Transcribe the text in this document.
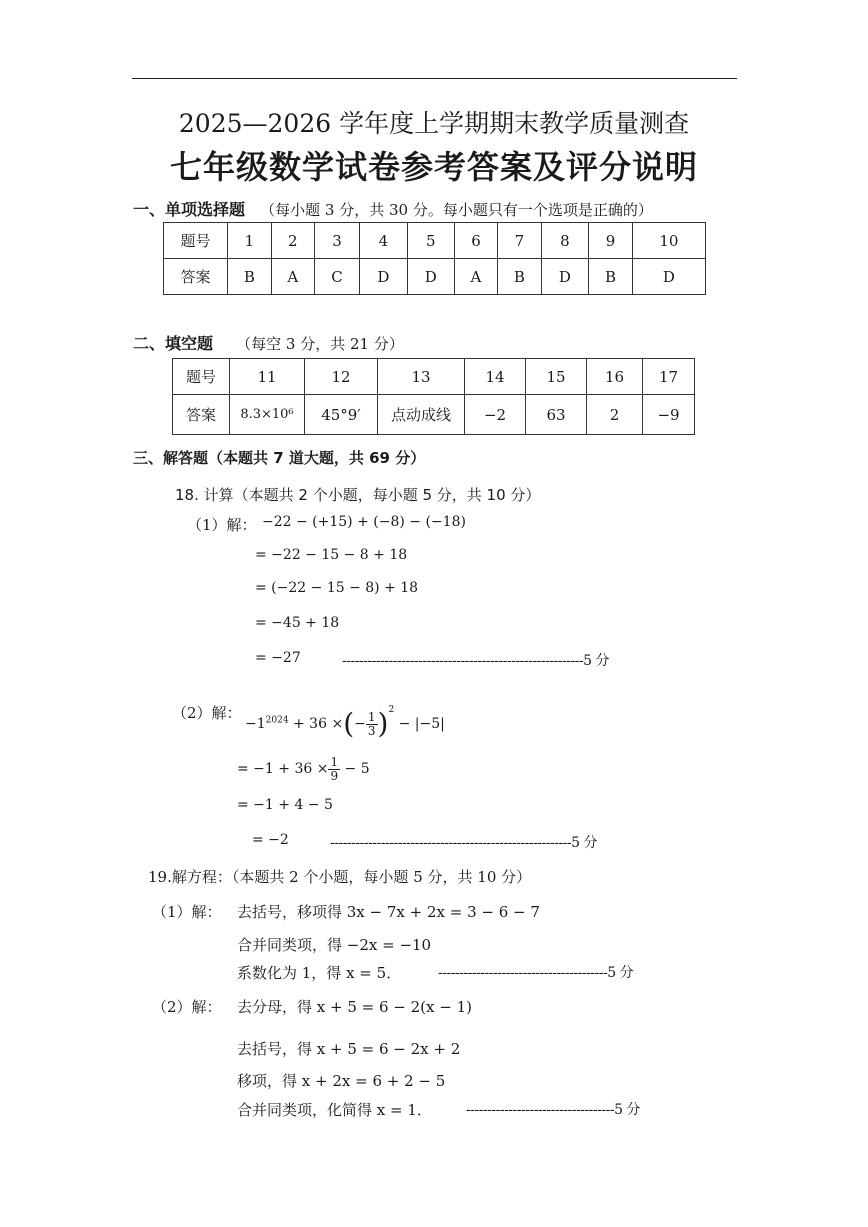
2025—2026 学年度上学期期末教学质量测查
七年级数学试卷参考答案及评分说明
一、单项选择题 （每小题 3 分，共 30 分。每小题只有一个选项是正确的）
题号	1	2	3	4	5	6	7	8	9	10
答案	B	A	C	D	D	A	B	D	B	D
二、填空题 （每空 3 分，共 21 分）
题号	11	12	13	14	15	16	17
答案	8.3×10⁶	45°9′	点动成线	−2	63	2	−9
三、解答题（本题共 7 道大题，共 69 分）
18. 计算（本题共 2 个小题，每小题 5 分，共 10 分）
（1）解： −22 − (+15) + (−8) − (−18)
= −22 − 15 − 8 + 18
= (−22 − 15 − 8) + 18
= −45 + 18
= −27	---------------------------------------------------------5 分
（2）解：
$-1^{2024} + 36$ ×(− $\frac{1}{3} )^2 - |-5|$
= $-1 + 36 \times \frac{1}{9} - 5$
= −1 + 4 − 5
= −2	---------------------------------------------------------5 分
19.解方程：（本题共 2 个小题，每小题 5 分，共 10 分）
（1）解： 去括号，移项得 3x − 7x + 2x = 3 − 6 − 7
合并同类项，得 −2x = −10
系数化为 1，得 x = 5．	----------------------------------------5 分
（2）解： 去分母，得 x + 5 = 6 − 2(x − 1)
去括号，得 x + 5 = 6 − 2x + 2
移项，得 x + 2x = 6 + 2 − 5
合并同类项，化简得 x = 1． -----------------------------------5 分
